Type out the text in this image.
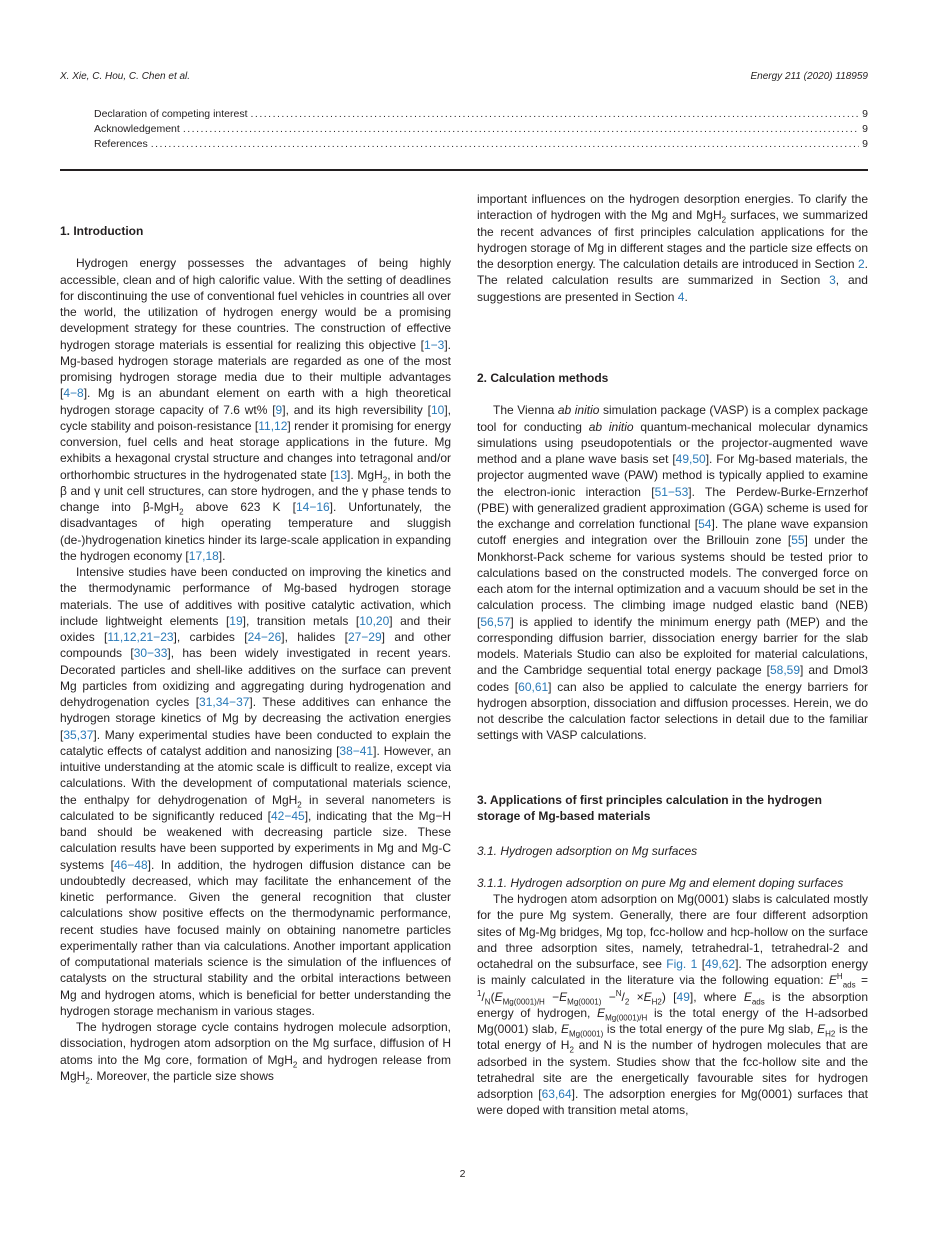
X. Xie, C. Hou, C. Chen et al.	Energy 211 (2020) 118959
Declaration of competing interest .....	9
Acknowledgement .....	9
References .....	9
1. Introduction

Hydrogen energy possesses the advantages of being highly accessible, clean and of high calorific value. With the setting of deadlines for discontinuing the use of conventional fuel vehicles in countries all over the world, the utilization of hydrogen energy would be a promising development strategy for these countries. The construction of effective hydrogen storage materials is essential for realizing this objective [1−3]. Mg-based hydrogen storage materials are regarded as one of the most promising hydrogen storage media due to their multiple advantages [4−8]. Mg is an abundant element on earth with a high theoretical hydrogen storage capacity of 7.6 wt% [9], and its high reversibility [10], cycle stability and poison-resistance [11,12] render it promising for energy conversion, fuel cells and heat storage applications in the future. Mg exhibits a hexagonal crystal structure and changes into tetragonal and/or orthorhombic structures in the hydrogenated state [13]. MgH$_2$, in both the β and γ unit cell structures, can store hydrogen, and the γ phase tends to change into β-MgH$_2$ above 623 K [14−16]. Unfortunately, the disadvantages of high operating temperature and sluggish (de-)hydrogenation kinetics hinder its large-scale application in expanding the hydrogen economy [17,18].

Intensive studies have been conducted on improving the kinetics and the thermodynamic performance of Mg-based hydrogen storage materials. The use of additives with positive catalytic activation, which include lightweight elements [19], transition metals [10,20] and their oxides [11,12,21−23], carbides [24−26], halides [27−29] and other compounds [30−33], has been widely investigated in recent years. Decorated particles and shell-like additives on the surface can prevent Mg particles from oxidizing and aggregating during hydrogenation and dehydrogenation cycles [31,34−37]. These additives can enhance the hydrogen storage kinetics of Mg by decreasing the activation energies [35,37]. Many experimental studies have been conducted to explain the catalytic effects of catalyst addition and nanosizing [38−41]. However, an intuitive understanding at the atomic scale is difficult to realize, except via calculations. With the development of computational materials science, the enthalpy for dehydrogenation of MgH$_2$ in several nanometers is calculated to be significantly reduced [42−45], indicating that the Mg−H band should be weakened with decreasing particle size. These calculation results have been supported by experiments in Mg and Mg-C systems [46−48]. In addition, the hydrogen diffusion distance can be undoubtedly decreased, which may facilitate the enhancement of the kinetic performance. Given the general recognition that cluster calculations show positive effects on the thermodynamic performance, recent studies have focused mainly on obtaining nanometre particles experimentally rather than via calculations. Another important application of computational materials science is the simulation of the influences of catalysts on the structural stability and the orbital interactions between Mg and hydrogen atoms, which is beneficial for better understanding the hydrogen storage mechanism in various stages.

The hydrogen storage cycle contains hydrogen molecule adsorption, dissociation, hydrogen atom adsorption on the Mg surface, diffusion of H atoms into the Mg core, formation of MgH$_2$ and hydrogen release from MgH$_2$. Moreover, the particle size shows

important influences on the hydrogen desorption energies. To clarify the interaction of hydrogen with the Mg and MgH$_2$ surfaces, we summarized the recent advances of first principles calculation applications for the hydrogen storage of Mg in different stages and the particle size effects on the desorption energy. The calculation details are introduced in Section 2. The related calculation results are summarized in Section 3, and suggestions are presented in Section 4.

2. Calculation methods

The Vienna ab initio simulation package (VASP) is a complex package tool for conducting ab initio quantum-mechanical molecular dynamics simulations using pseudopotentials or the projector-augmented wave method and a plane wave basis set [49,50]. For Mg-based materials, the projector augmented wave (PAW) method is typically applied to examine the electron-ionic interaction [51−53]. The Perdew-Burke-Ernzerhof (PBE) with generalized gradient approximation (GGA) scheme is used for the exchange and correlation functional [54]. The plane wave expansion cutoff energies and integration over the Brillouin zone [55] under the Monkhorst-Pack scheme for various systems should be tested prior to calculations based on the constructed models. The converged force on each atom for the internal optimization and a vacuum should be set in the calculation process. The climbing image nudged elastic band (NEB) [56,57] is applied to identify the minimum energy path (MEP) and the corresponding diffusion barrier, dissociation energy barrier for the slab models. Materials Studio can also be exploited for material calculations, and the Cambridge sequential total energy package [58,59] and Dmol3 codes [60,61] can also be applied to calculate the energy barriers for hydrogen absorption, dissociation and diffusion processes. Herein, we do not describe the calculation factor selections in detail due to the familiar settings with VASP calculations.

3. Applications of first principles calculation in the hydrogen storage of Mg-based materials
3.1. Hydrogen adsorption on Mg surfaces
3.1.1. Hydrogen adsorption on pure Mg and element doping surfaces

The hydrogen atom adsorption on Mg(0001) slabs is calculated mostly for the pure Mg system. Generally, there are four different adsorption sites of Mg-Mg bridges, Mg top, fcc-hollow and hcp-hollow on the surface and three adsorption sites, namely, tetrahedral-1, tetrahedral-2 and octahedral on the subsurface, see Fig. 1 [49,62]. The adsorption energy is mainly calculated in the literature via the following equation: $E^H_{ads} = ^1/_N(E_{Mg(0001)/H} -E_{Mg(0001)} -^N/_2 \times E_{H2})$ [49], where $E_{ads}$ is the absorption energy of hydrogen, $E_{Mg(0001)/H}$ is the total energy of the H-adsorbed Mg(0001) slab, $E_{Mg(0001)}$ is the total energy of the pure Mg slab, $E_{H2}$ is the total energy of $H_2$ and N is the number of hydrogen molecules that are adsorbed in the system. Studies show that the fcc-hollow site and the tetrahedral site are the energetically favourable sites for hydrogen adsorption [63,64]. The adsorption energies for Mg(0001) surfaces that were doped with transition metal atoms,

2
